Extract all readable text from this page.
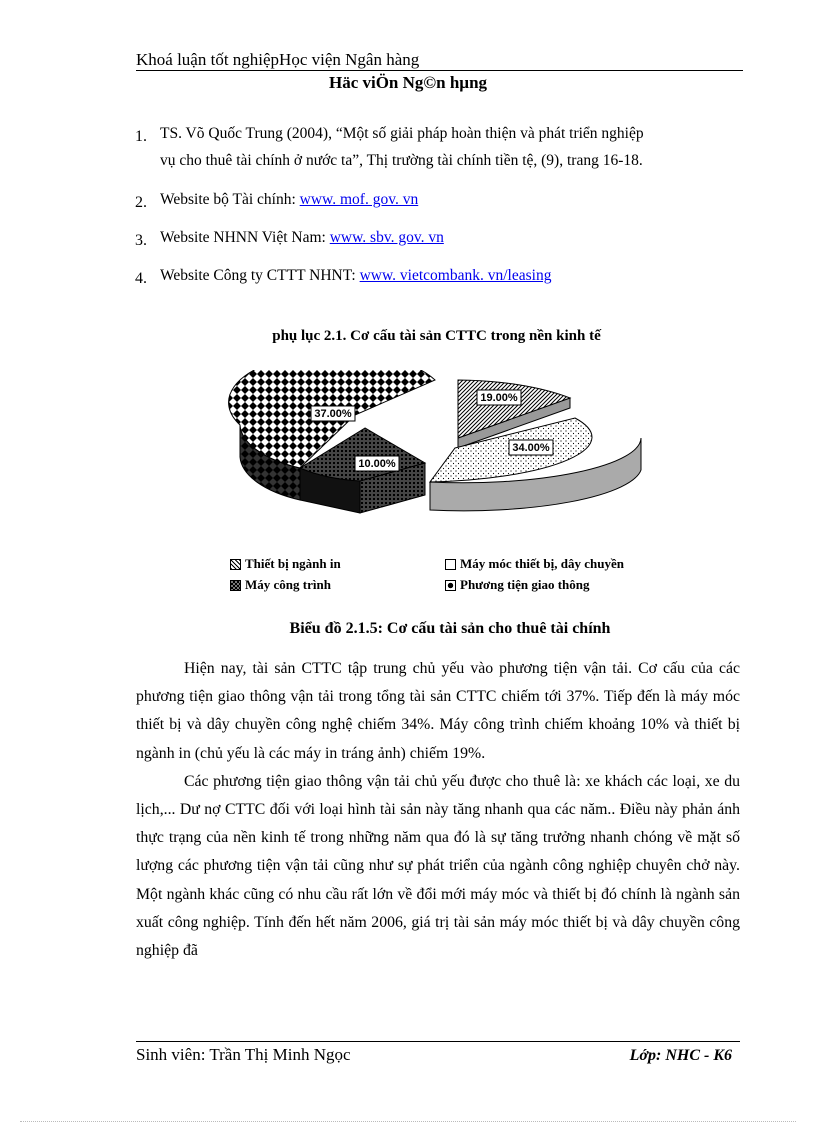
Khoá luận tốt nghiệpHọc viện Ngân hàng
Häc viÖn Ng©n hµng
1. TS. Võ Quốc Trung (2004), “Một số giải pháp hoàn thiện và phát triển nghiệp
vụ cho thuê tài chính ở nước ta”, Thị trường tài chính tiền tệ, (9), trang 16-18.
2. Website bộ Tài chính: www. mof. gov. vn
3. Website NHNN Việt Nam: www. sbv. gov. vn
4. Website Công ty CTTT NHNT: www. vietcombank. vn/leasing
phụ lục 2.1. Cơ cấu tài sản CTTC trong nền kinh tế
37.00%
19.00%
34.00%
10.00%
Thiết bị ngành in	Máy móc thiết bị, dây chuyền
Máy công trình	Phương tiện giao thông
Biểu đồ 2.1.5: Cơ cấu tài sản cho thuê tài chính

Hiện nay, tài sản CTTC tập trung chủ yếu vào phương tiện vận tải. Cơ cấu của các phương tiện giao thông vận tải trong tổng tài sản CTTC chiếm tới 37%. Tiếp đến là máy móc thiết bị và dây chuyền công nghệ chiếm 34%. Máy công trình chiếm khoảng 10% và thiết bị ngành in (chủ yếu là các máy in tráng ảnh) chiếm 19%.

Các phương tiện giao thông vận tải chủ yếu được cho thuê là: xe khách các loại, xe du lịch,... Dư nợ CTTC đối với loại hình tài sản này tăng nhanh qua các năm.. Điều này phản ánh thực trạng của nền kinh tế trong những năm qua đó là sự tăng trưởng nhanh chóng về mặt số lượng các phương tiện vận tải cũng như sự phát triển của ngành công nghiệp chuyên chở này. Một ngành khác cũng có nhu cầu rất lớn về đổi mới máy móc và thiết bị đó chính là ngành sản xuất công nghiệp. Tính đến hết năm 2006, giá trị tài sản máy móc thiết bị và dây chuyền công nghiệp đã

Sinh viên: Trần Thị Minh Ngọc	Lớp: NHC - K6
